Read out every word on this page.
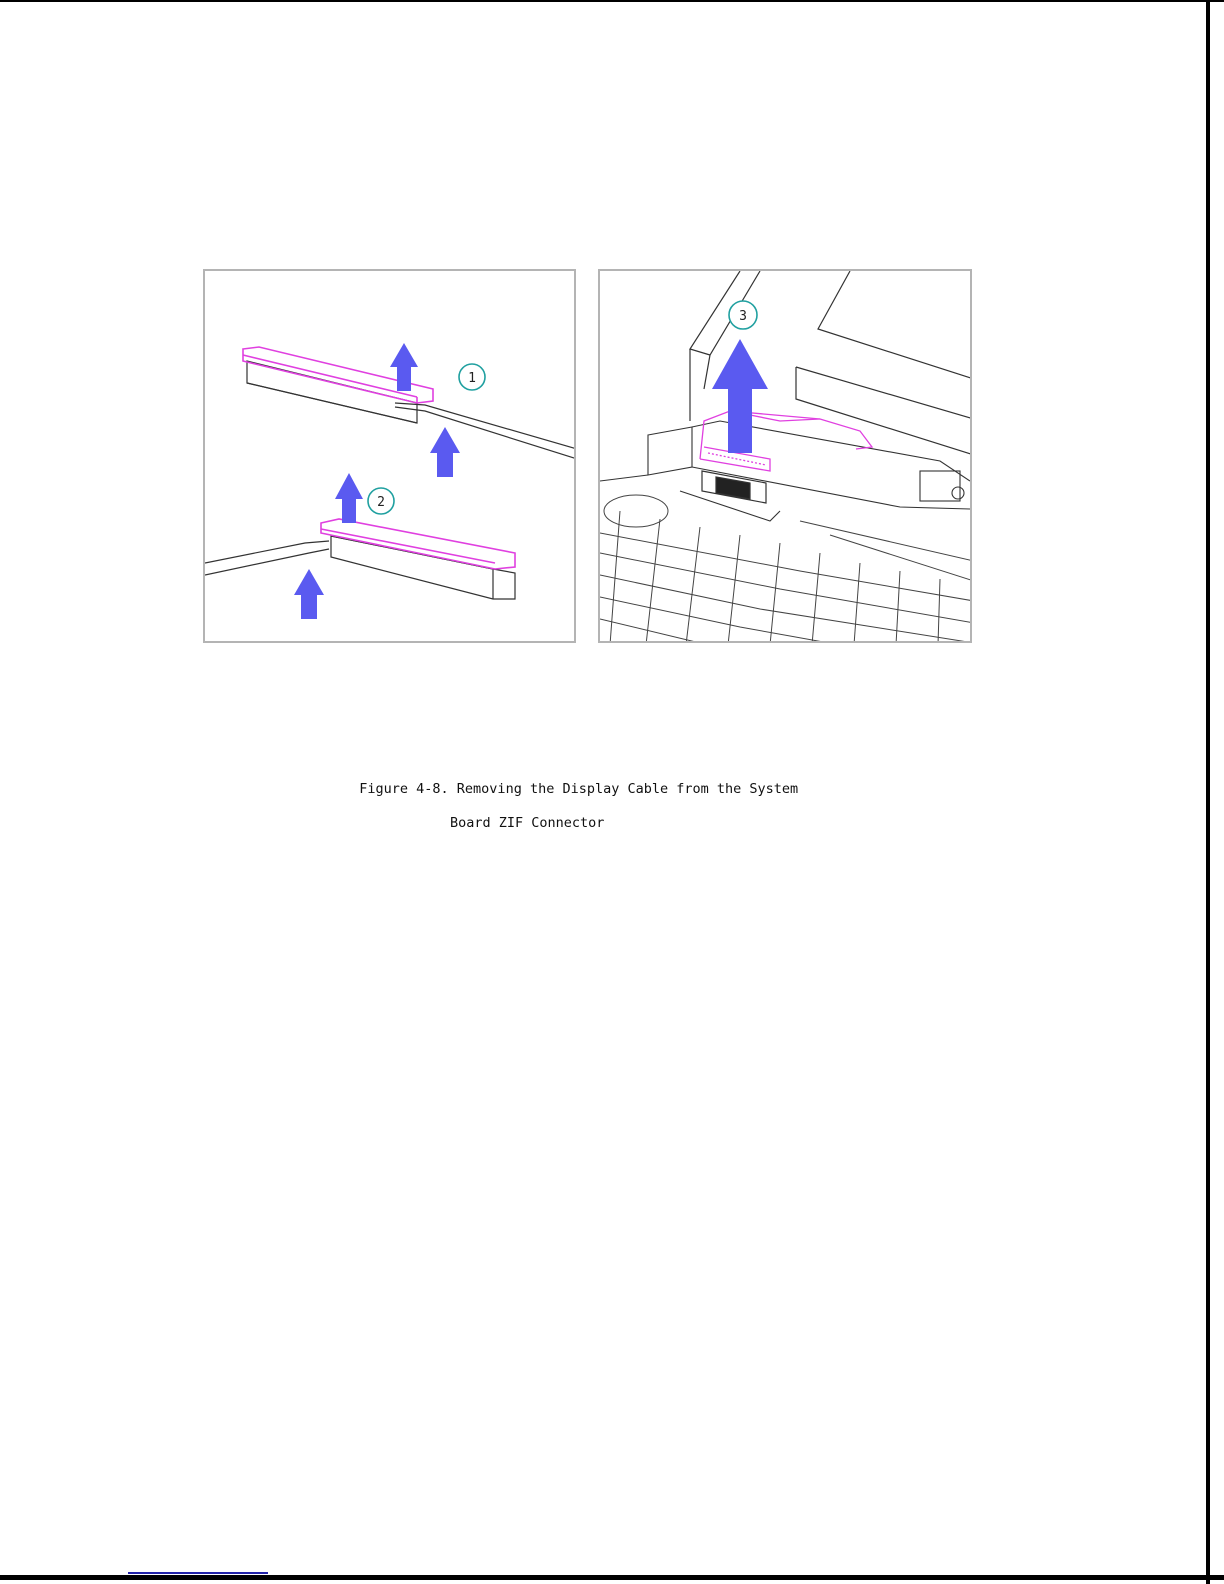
1
2
3

Figure 4-8. Removing the Display Cable from the System

Board ZIF Connector
